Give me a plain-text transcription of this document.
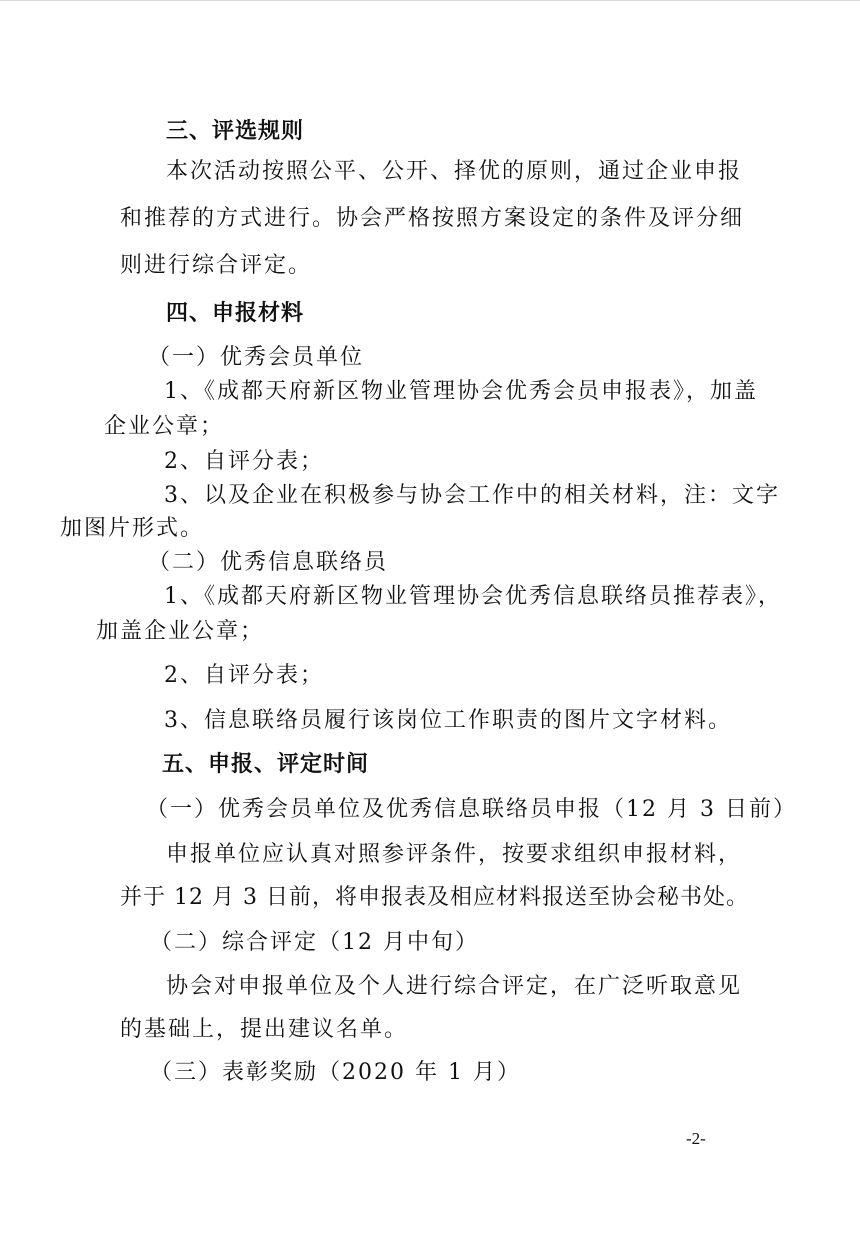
三、评选规则
本次活动按照公平、公开、择优的原则，通过企业申报
和推荐的方式进行。协会严格按照方案设定的条件及评分细
则进行综合评定。
四、申报材料
（一）优秀会员单位
1、《成都天府新区物业管理协会优秀会员申报表》，加盖
企业公章；
2、自评分表；
3、以及企业在积极参与协会工作中的相关材料，注：文字
加图片形式。
（二）优秀信息联络员
1、《成都天府新区物业管理协会优秀信息联络员推荐表》，
加盖企业公章；
2、自评分表；
3、信息联络员履行该岗位工作职责的图片文字材料。
五、申报、评定时间
（一）优秀会员单位及优秀信息联络员申报（12 月 3 日前）
申报单位应认真对照参评条件，按要求组织申报材料，
并于 12 月 3 日前，将申报表及相应材料报送至协会秘书处。
（二）综合评定（12 月中旬）
协会对申报单位及个人进行综合评定，在广泛听取意见
的基础上，提出建议名单。
（三）表彰奖励（2020 年 1 月）
-2-
